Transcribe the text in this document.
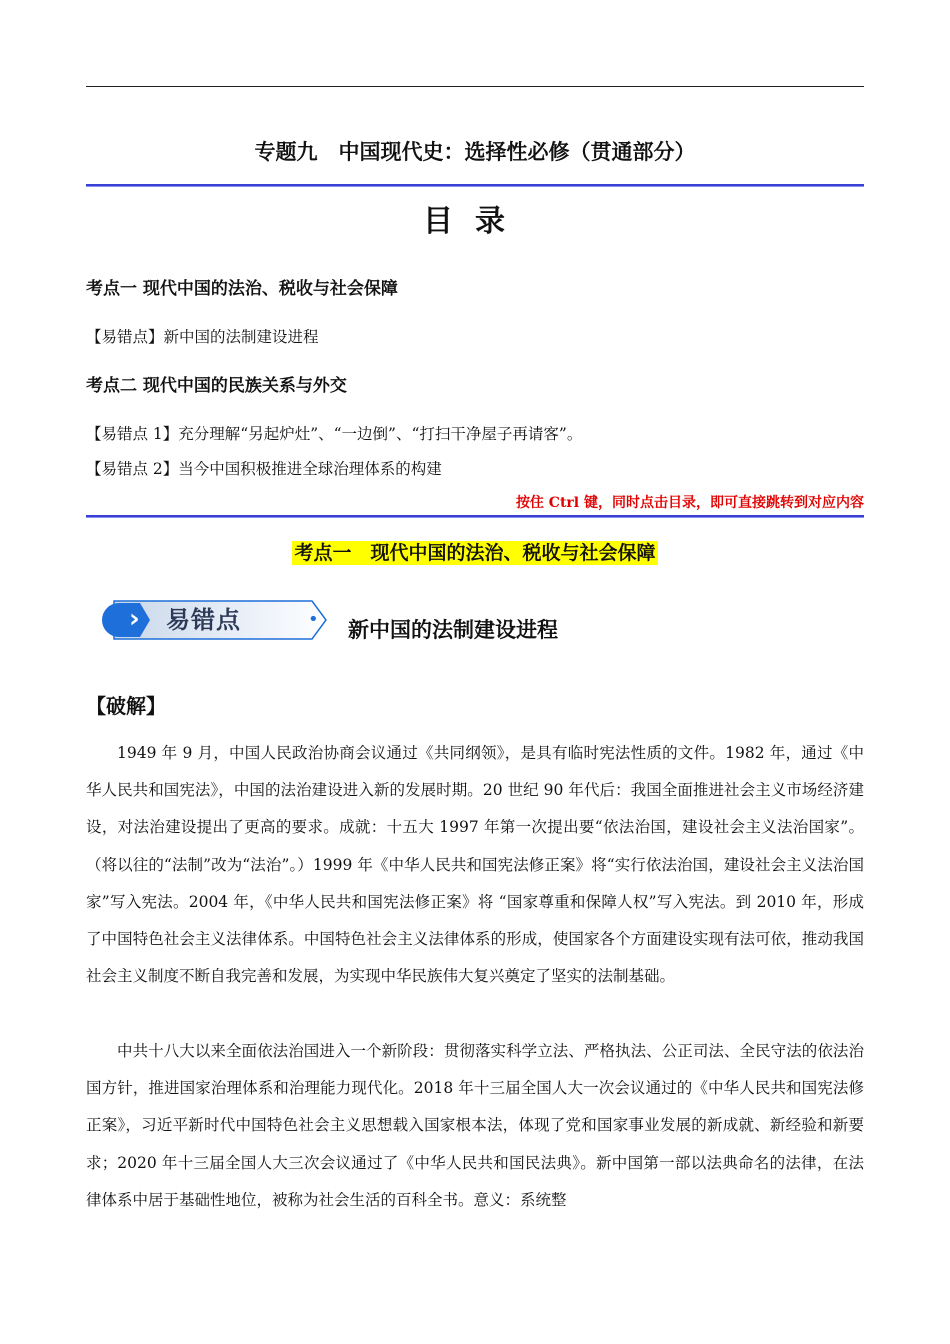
专题九　中国现代史：选择性必修（贯通部分）
目录
考点一 现代中国的法治、税收与社会保障
【易错点】新中国的法制建设进程
考点二 现代中国的民族关系与外交
【易错点 1】充分理解“另起炉灶”、“一边倒”、“打扫干净屋子再请客”。
【易错点 2】当今中国积极推进全球治理体系的构建
按住 Ctrl 键，同时点击目录，即可直接跳转到对应内容
考点一　现代中国的法治、税收与社会保障
› 易错点	• 新中国的法制建设进程
【破解】

1949 年 9 月，中国人民政治协商会议通过《共同纲领》，是具有临时宪法性质的文件。1982 年，通过《中华人民共和国宪法》，中国的法治建设进入新的发展时期。20 世纪 90 年代后：我国全面推进社会主义市场经济建设，对法治建设提出了更高的要求。成就：十五大 1997 年第一次提出要“依法治国，建设社会主义法治国家”。（将以往的“法制”改为“法治”。）1999 年《中华人民共和国宪法修正案》将“实行依法治国，建设社会主义法治国家”写入宪法。2004 年，《中华人民共和国宪法修正案》将 “国家尊重和保障人权”写入宪法。到 2010 年，形成了中国特色社会主义法律体系。中国特色社会主义法律体系的形成，使国家各个方面建设实现有法可依，推动我国社会主义制度不断自我完善和发展，为实现中华民族伟大复兴奠定了坚实的法制基础。

中共十八大以来全面依法治国进入一个新阶段：贯彻落实科学立法、严格执法、公正司法、全民守法的依法治国方针，推进国家治理体系和治理能力现代化。2018 年十三届全国人大一次会议通过的《中华人民共和国宪法修正案》，习近平新时代中国特色社会主义思想载入国家根本法，体现了党和国家事业发展的新成就、新经验和新要求；2020 年十三届全国人大三次会议通过了《中华人民共和国民法典》。新中国第一部以法典命名的法律，在法律体系中居于基础性地位，被称为社会生活的百科全书。意义：系统整
